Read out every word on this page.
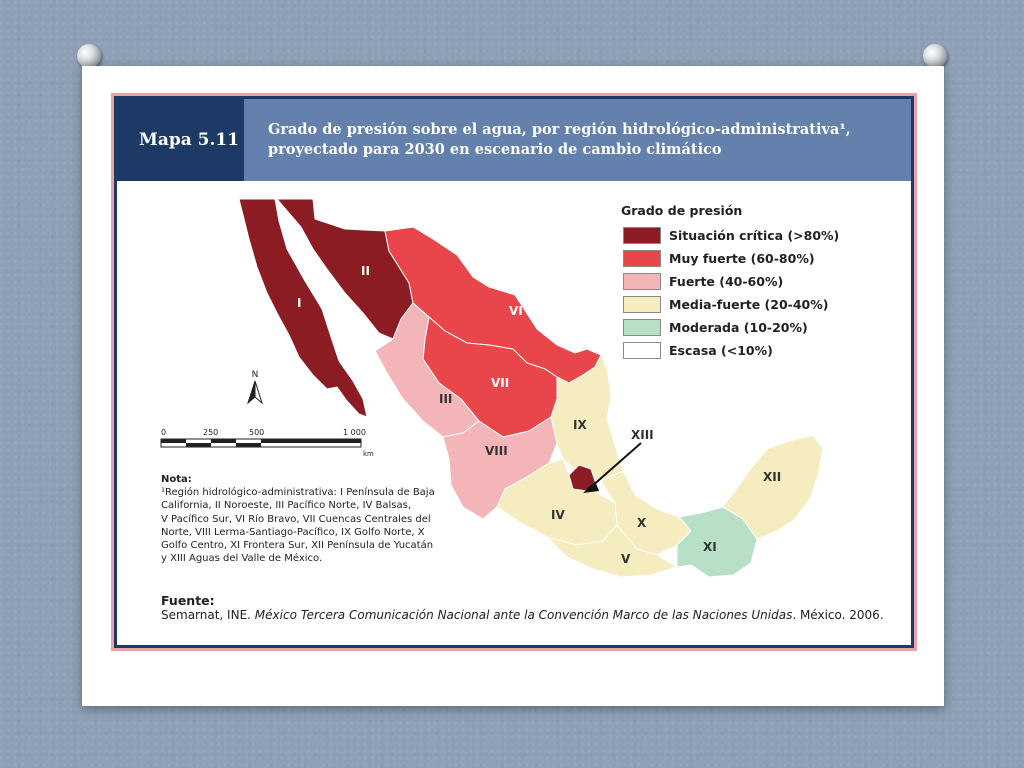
Mapa 5.11
Grado de presión sobre el agua, por región hidrológico-administrativa¹,
proyectado para 2030 en escenario de cambio climático
Grado de presión
Situación crítica (>80%)
Muy fuerte (60-80%)
Fuerte (40-60%)
Media-fuerte (20-40%)
Moderada (10-20%)
Escasa (<10%)
I
II
VI
VII
III
VIII
IX
IV
X
V
XI
XII
XIII
N
0	250	500	1 000
km
Nota:
¹Región hidrológico-administrativa: I Península de Baja
California, II Noroeste, III Pacífico Norte, IV Balsas,
V Pacífico Sur, VI Río Bravo, VII Cuencas Centrales del
Norte, VIII Lerma-Santiago-Pacífico, IX Golfo Norte, X
Golfo Centro, XI Frontera Sur, XII Península de Yucatán
y XIII Aguas del Valle de México.
Fuente:
Semarnat, INE. México Tercera Comunicación Nacional ante la Convención Marco de las Naciones Unidas. México. 2006.
